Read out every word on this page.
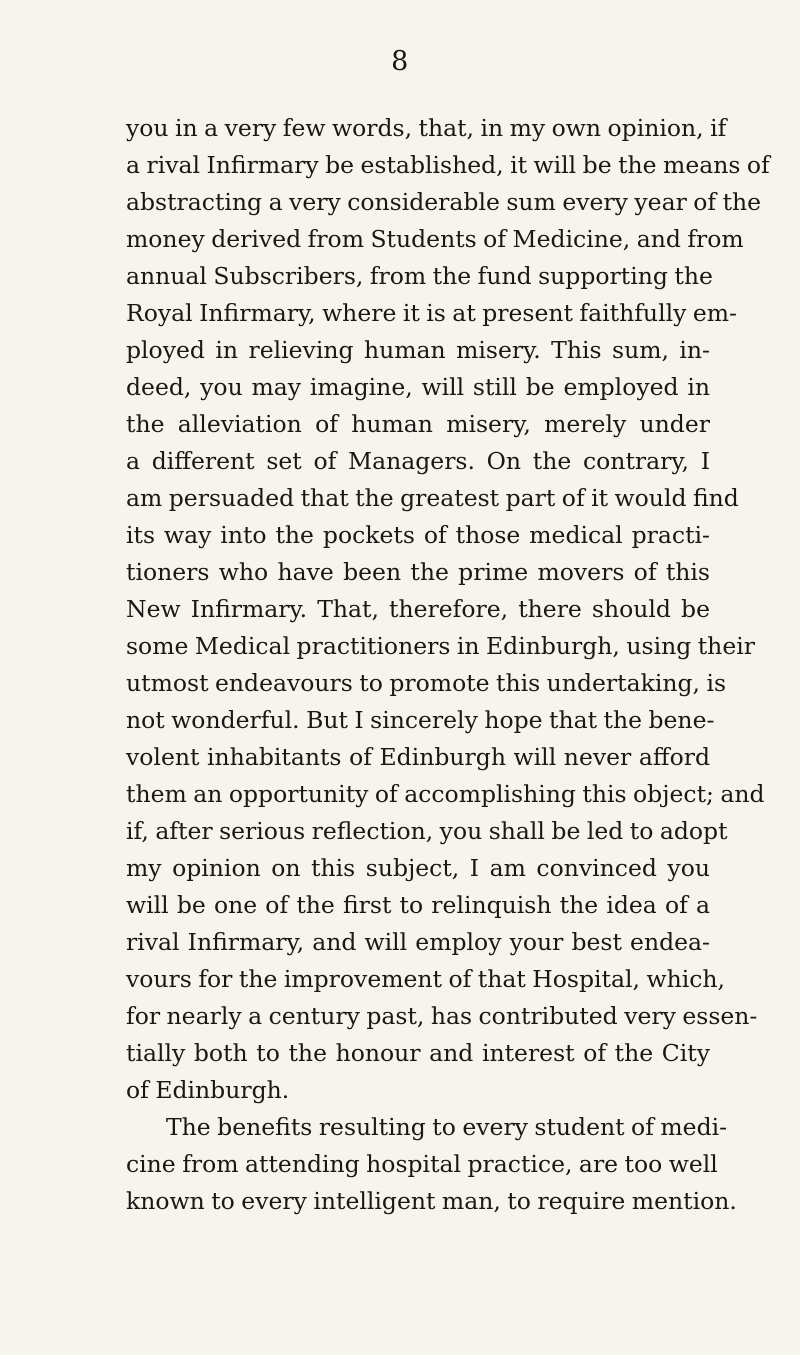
8
you in a very few words, that, in my own opinion, if
a rival Infirmary be established, it will be the means of
abstracting a very considerable sum every year of the
money derived from Students of Medicine, and from
annual Subscribers, from the fund supporting the
Royal Infirmary, where it is at present faithfully em-
ployed in relieving human misery. This sum, in-
deed, you may imagine, will still be employed in
the alleviation of human misery, merely under
a different set of Managers. On the contrary, I
am persuaded that the greatest part of it would find
its way into the pockets of those medical practi-
tioners who have been the prime movers of this
New Infirmary. That, therefore, there should be
some Medical practitioners in Edinburgh, using their
utmost endeavours to promote this undertaking, is
not wonderful. But I sincerely hope that the bene-
volent inhabitants of Edinburgh will never afford
them an opportunity of accomplishing this object; and
if, after serious reflection, you shall be led to adopt
my opinion on this subject, I am convinced you
will be one of the first to relinquish the idea of a
rival Infirmary, and will employ your best endea-
vours for the improvement of that Hospital, which,
for nearly a century past, has contributed very essen-
tially both to the honour and interest of the City
of Edinburgh.
The benefits resulting to every student of medi-
cine from attending hospital practice, are too well
known to every intelligent man, to require mention.
